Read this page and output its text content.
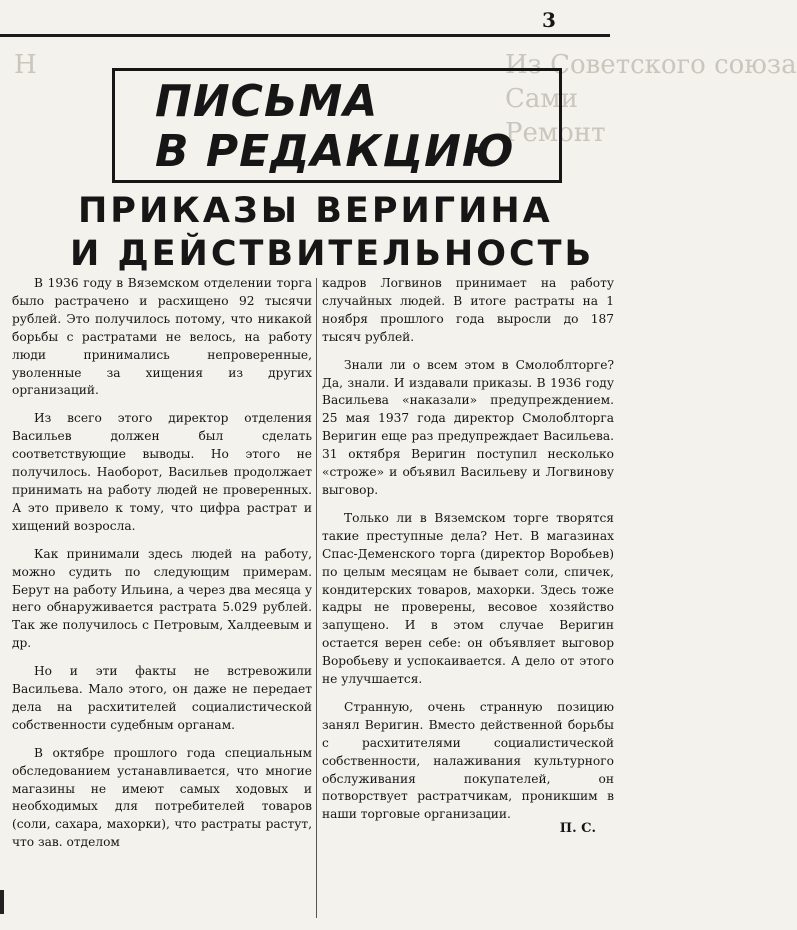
3
Из Советского союза
Сами
Ремонт
Н
ПИСЬМА
В РЕДАКЦИЮ
ПРИКАЗЫ ВЕРИГИНА
И ДЕЙСТВИТЕЛЬНОСТЬ

В 1936 году в Вяземском отделении торга было растрачено и расхищено 92 тысячи рублей. Это получилось потому, что никакой борьбы с растратами не велось, на работу люди принимались непроверенные, уволенные за хищения из других организаций.

Из всего этого директор отделения Васильев должен был сделать соответствующие выводы. Но этого не получилось. Наоборот, Васильев продолжает принимать на работу людей не проверенных. А это привело к тому, что цифра растрат и хищений возросла.

Как принимали здесь людей на работу, можно судить по следующим примерам. Берут на работу Ильина, а через два месяца у него обнаруживается растрата 5.029 рублей. Так же получилось с Петровым, Халдеевым и др.

Но и эти факты не встревожили Васильева. Мало этого, он даже не передает дела на расхитителей социалистической собственности судебным органам.

В октябре прошлого года специальным обследованием устанавливается, что многие магазины не имеют самых ходовых и необходимых для потребителей товаров (соли, сахара, махорки), что растраты растут, что зав. отделом

кадров Логвинов принимает на работу случайных людей. В итоге растраты на 1 ноября прошлого года выросли до 187 тысяч рублей.

Знали ли о всем этом в Смолоблторге? Да, знали. И издавали приказы. В 1936 году Васильева «наказали» предупреждением. 25 мая 1937 года директор Смолоблторга Веригин еще раз предупреждает Васильева. 31 октября Веригин поступил несколько «строже» и объявил Васильеву и Логвинову выговор.

Только ли в Вяземском торге творятся такие преступные дела? Нет. В магазинах Спас-Деменского торга (директор Воробьев) по целым месяцам не бывает соли, спичек, кондитерских товаров, махорки. Здесь тоже кадры не проверены, весовое хозяйство запущено. И в этом случае Веригин остается верен себе: он объявляет выговор Воробьеву и успокаивается. А дело от этого не улучшается.

Странную, очень странную позицию занял Веригин. Вместо действенной борьбы с расхитителями социалистической собственности, налаживания культурного обслуживания покупателей, он потворствует растратчикам, проникшим в наши торговые организации.

П. С.
